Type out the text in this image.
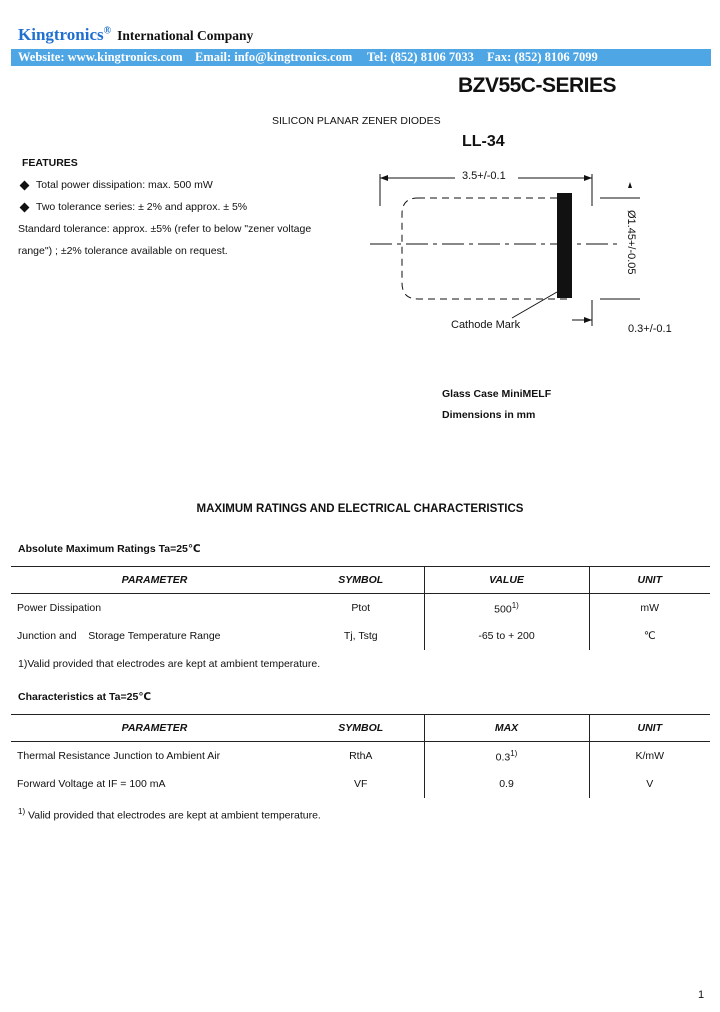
Kingtronics® International Company
Website: www.kingtronics.com Email: info@kingtronics.com Tel: (852) 8106 7033 Fax: (852) 8106 7099
BZV55C-SERIES
SILICON PLANAR ZENER DIODES
LL-34
FEATURES
Total power dissipation: max. 500 mW
Two tolerance series: ± 2% and approx. ± 5%
Standard tolerance: approx. ±5% (refer to below "zener voltage
range") ; ±2% tolerance available on request.	Ø1.45+/-0.05
3.5+/-0.1
Cathode Mark	0.3+/-0.1
Glass Case MiniMELF
Dimensions in mm
MAXIMUM RATINGS AND ELECTRICAL CHARACTERISTICS
Absolute Maximum Ratings Ta=25℃
PARAMETER	SYMBOL	VALUE	UNIT
Power Dissipation	Ptot	500$^{1)}$	mW
Junction and    Storage Temperature Range	Tj, Tstg	-65 to + 200	℃
1)Valid provided that electrodes are kept at ambient temperature.
Characteristics at Ta=25℃
PARAMETER	SYMBOL	MAX	UNIT
Thermal Resistance Junction to Ambient Air	RthA	0.3$^{1)}$	K/mW
Forward Voltage at IF = 100 mA	VF	0.9	V
$^{1)}$ Valid provided that electrodes are kept at ambient temperature.
1
